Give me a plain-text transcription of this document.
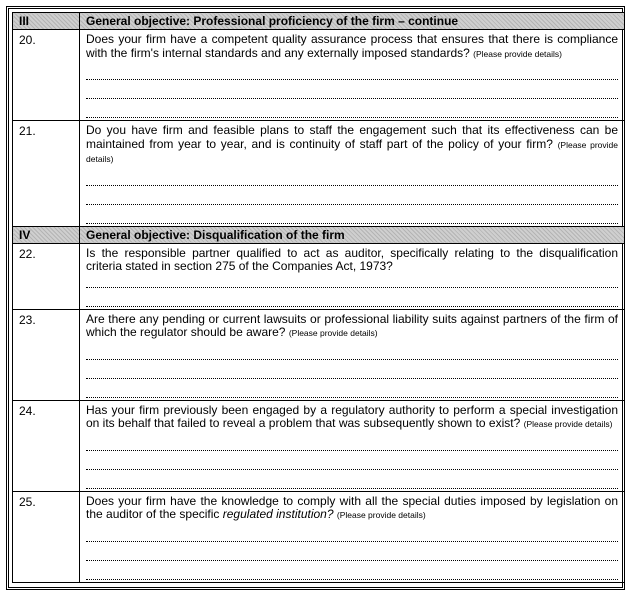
III	General objective: Professional proficiency of the firm – continue
20.	Does your firm have a competent quality assurance process that ensures that there is compliance with the firm's internal standards and any externally imposed standards? (Please provide details)

21.	Do you have firm and feasible plans to staff the engagement such that its effectiveness can be maintained from year to year, and is continuity of staff part of the policy of your firm? (Please provide details)

IV	General objective: Disqualification of the firm
22.	Is the responsible partner qualified to act as auditor, specifically relating to the disqualification criteria stated in section 275 of the Companies Act, 1973?

23.	Are there any pending or current lawsuits or professional liability suits against partners of the firm of which the regulator should be aware? (Please provide details)

24.	Has your firm previously been engaged by a regulatory authority to perform a special investigation on its behalf that failed to reveal a problem that was subsequently shown to exist? (Please provide details)

25.	Does your firm have the knowledge to comply with all the special duties imposed by legislation on the auditor of the specific regulated institution? (Please provide details)
